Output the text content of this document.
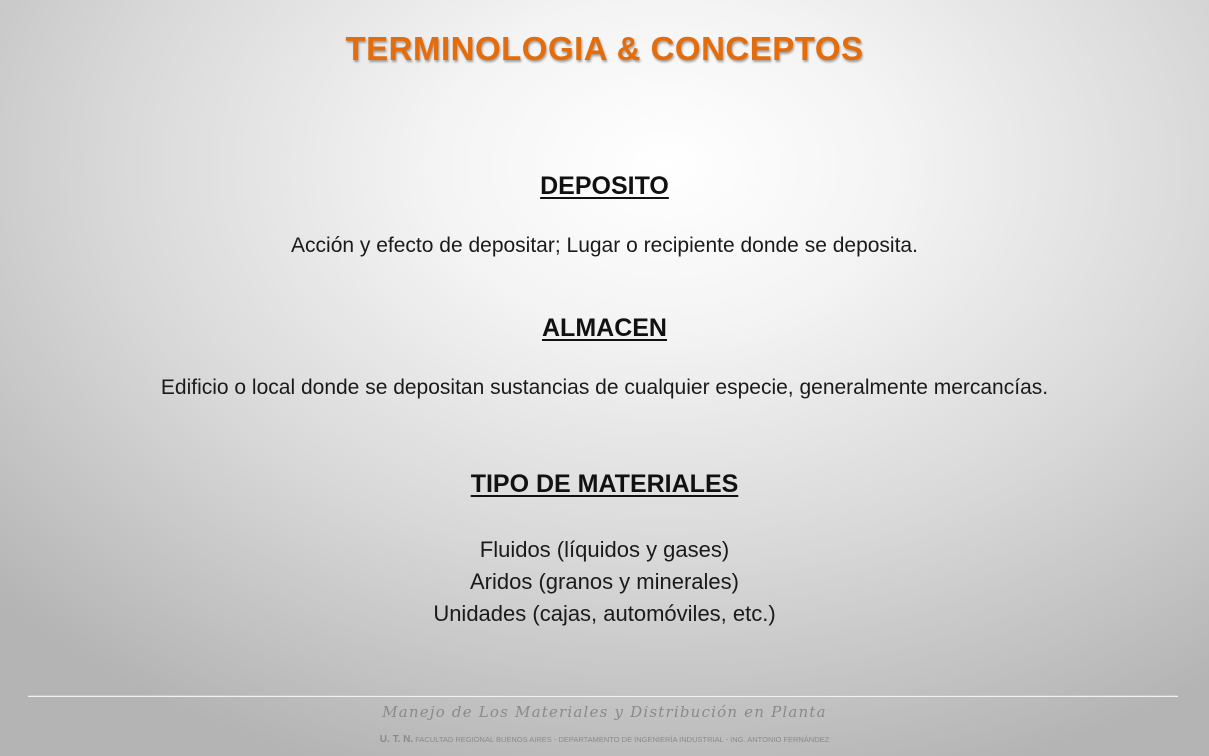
TERMINOLOGIA & CONCEPTOS
DEPOSITO
Acción y efecto de depositar; Lugar o recipiente donde se deposita.
ALMACEN
Edificio o local donde se depositan sustancias de cualquier especie, generalmente mercancías.
TIPO DE MATERIALES
Fluidos (líquidos y gases)
Aridos (granos y minerales)
Unidades (cajas, automóviles, etc.)
Manejo de Los Materiales y Distribución en Planta
U. T. N. FACULTAD REGIONAL BUENOS AIRES - DEPARTAMENTO DE INGENIERÍA INDUSTRIAL - ING. ANTONIO FERNÁNDEZ
